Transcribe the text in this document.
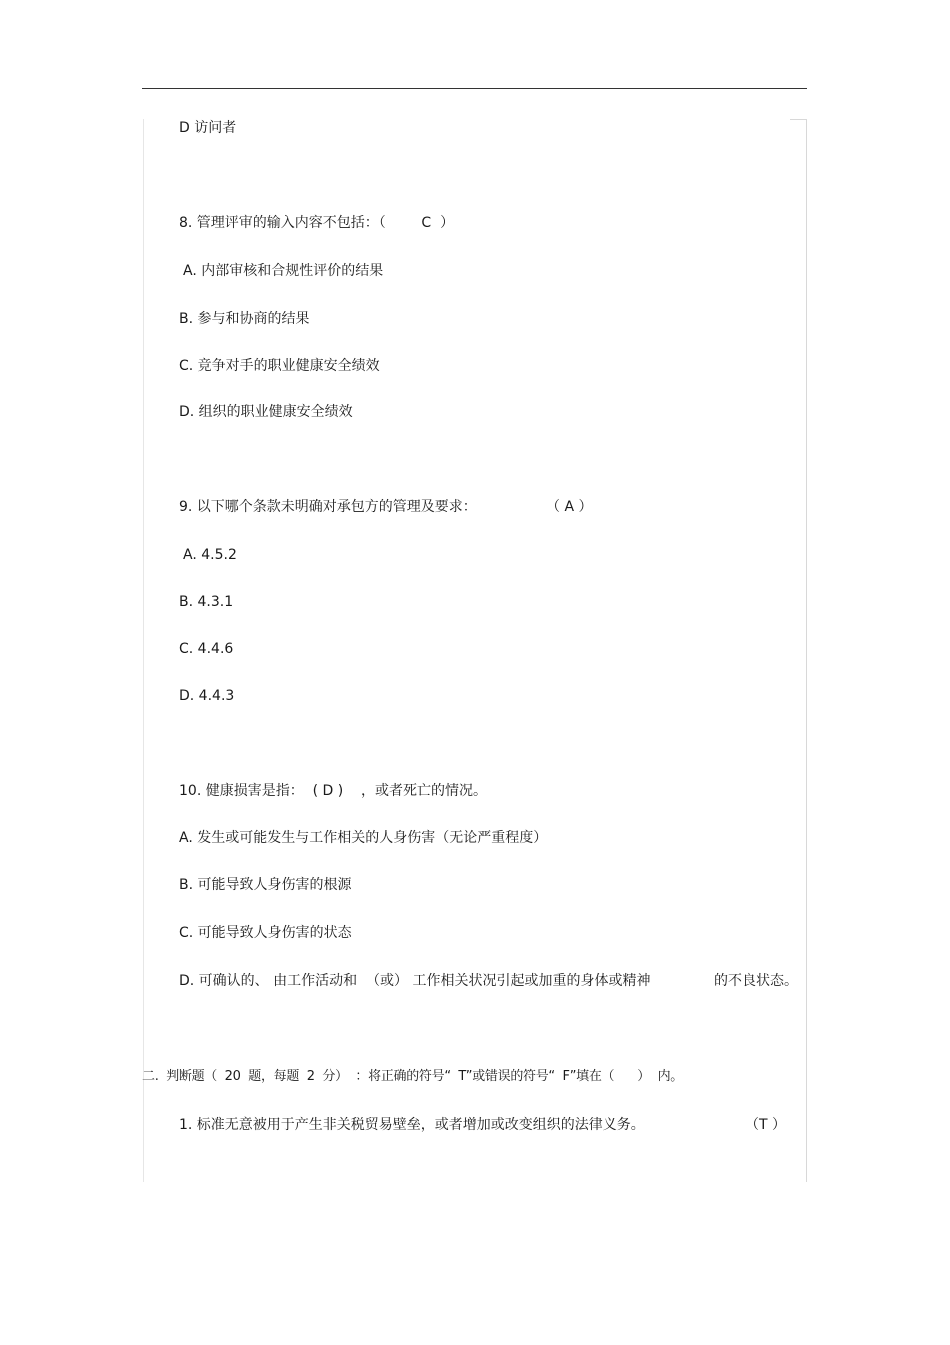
D 访问者
8. 管理评审的输入内容不包括：（        C  ）
A. 内部审核和合规性评价的结果
B. 参与和协商的结果
C. 竞争对手的职业健康安全绩效
D. 组织的职业健康安全绩效
9. 以下哪个条款未明确对承包方的管理及要求：	（ A ）
A. 4.5.2
B. 4.3.1
C. 4.4.6
D. 4.4.3
10. 健康损害是指：  ( D )    ，或者死亡的情况。
A. 发生或可能发生与工作相关的人身伤害（无论严重程度）
B. 可能导致人身伤害的根源
C. 可能导致人身伤害的状态
D. 可确认的、 由工作活动和  （或） 工作相关状况引起或加重的身体或精神	的不良状态。
二.  判断题（  20  题，每题  2  分）  ：将正确的符号“  T”或错误的符号“  F”填在（      ）  内。
1. 标准无意被用于产生非关税贸易壁垒，或者增加或改变组织的法律义务。	（T ）
